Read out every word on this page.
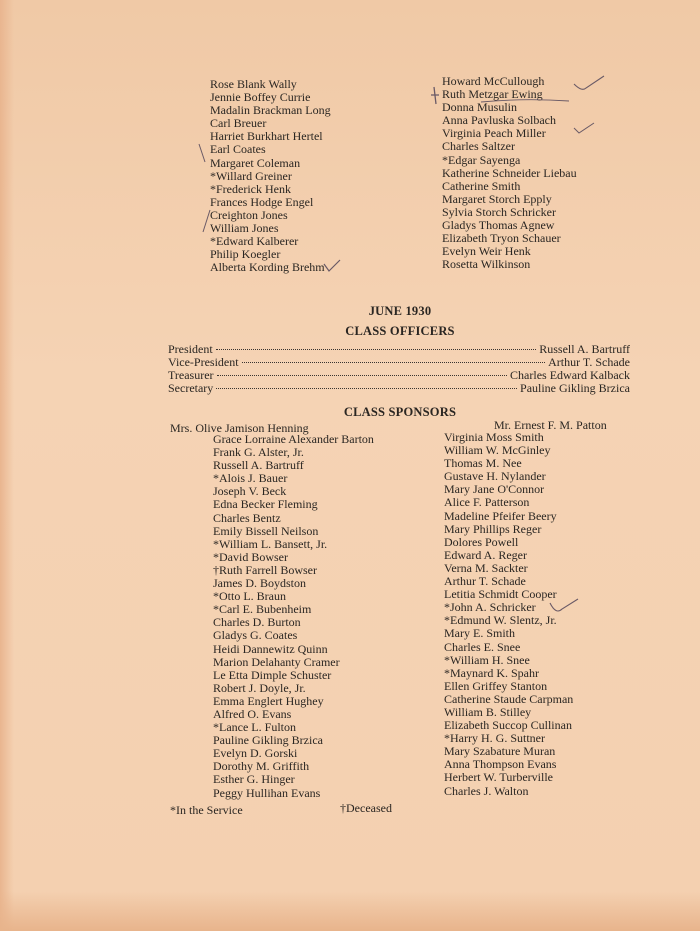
Rose Blank Wally
Jennie Boffey Currie
Madalin Brackman Long
Carl Breuer
Harriet Burkhart Hertel
Earl Coates
Margaret Coleman
*Willard Greiner
*Frederick Henk
Frances Hodge Engel
Creighton Jones
William Jones
*Edward Kalberer
Philip Koegler
Alberta Kording Brehm
Howard McCullough
Ruth Metzgar Ewing
Donna Musulin
Anna Pavluska Solbach
Virginia Peach Miller
Charles Saltzer
*Edgar Sayenga
Katherine Schneider Liebau
Catherine Smith
Margaret Storch Epply
Sylvia Storch Schricker
Gladys Thomas Agnew
Elizabeth Tryon Schauer
Evelyn Weir Henk
Rosetta Wilkinson
JUNE 1930
CLASS OFFICERS
President	Russell A. Bartruff
Vice-President	Arthur T. Schade
Treasurer	Charles Edward Kalback
Secretary	Pauline Gikling Brzica
CLASS SPONSORS
Mrs. Olive Jamison Henning	Mr. Ernest F. M. Patton
Grace Lorraine Alexander Barton
Frank G. Alster, Jr.
Russell A. Bartruff
*Alois J. Bauer
Joseph V. Beck
Edna Becker Fleming
Charles Bentz
Emily Bissell Neilson
*William L. Bansett, Jr.
*David Bowser
†Ruth Farrell Bowser
James D. Boydston
*Otto L. Braun
*Carl E. Bubenheim
Charles D. Burton
Gladys G. Coates
Heidi Dannewitz Quinn
Marion Delahanty Cramer
Le Etta Dimple Schuster
Robert J. Doyle, Jr.
Emma Englert Hughey
Alfred O. Evans
*Lance L. Fulton
Pauline Gikling Brzica
Evelyn D. Gorski
Dorothy M. Griffith
Esther G. Hinger
Peggy Hullihan Evans
Virginia Moss Smith
William W. McGinley
Thomas M. Nee
Gustave H. Nylander
Mary Jane O'Connor
Alice F. Patterson
Madeline Pfeifer Beery
Mary Phillips Reger
Dolores Powell
Edward A. Reger
Verna M. Sackter
Arthur T. Schade
Letitia Schmidt Cooper
*John A. Schricker
*Edmund W. Slentz, Jr.
Mary E. Smith
Charles E. Snee
*William H. Snee
*Maynard K. Spahr
Ellen Griffey Stanton
Catherine Staude Carpman
William B. Stilley
Elizabeth Succop Cullinan
*Harry H. G. Suttner
Mary Szabature Muran
Anna Thompson Evans
Herbert W. Turberville
Charles J. Walton
*In the Service	†Deceased
